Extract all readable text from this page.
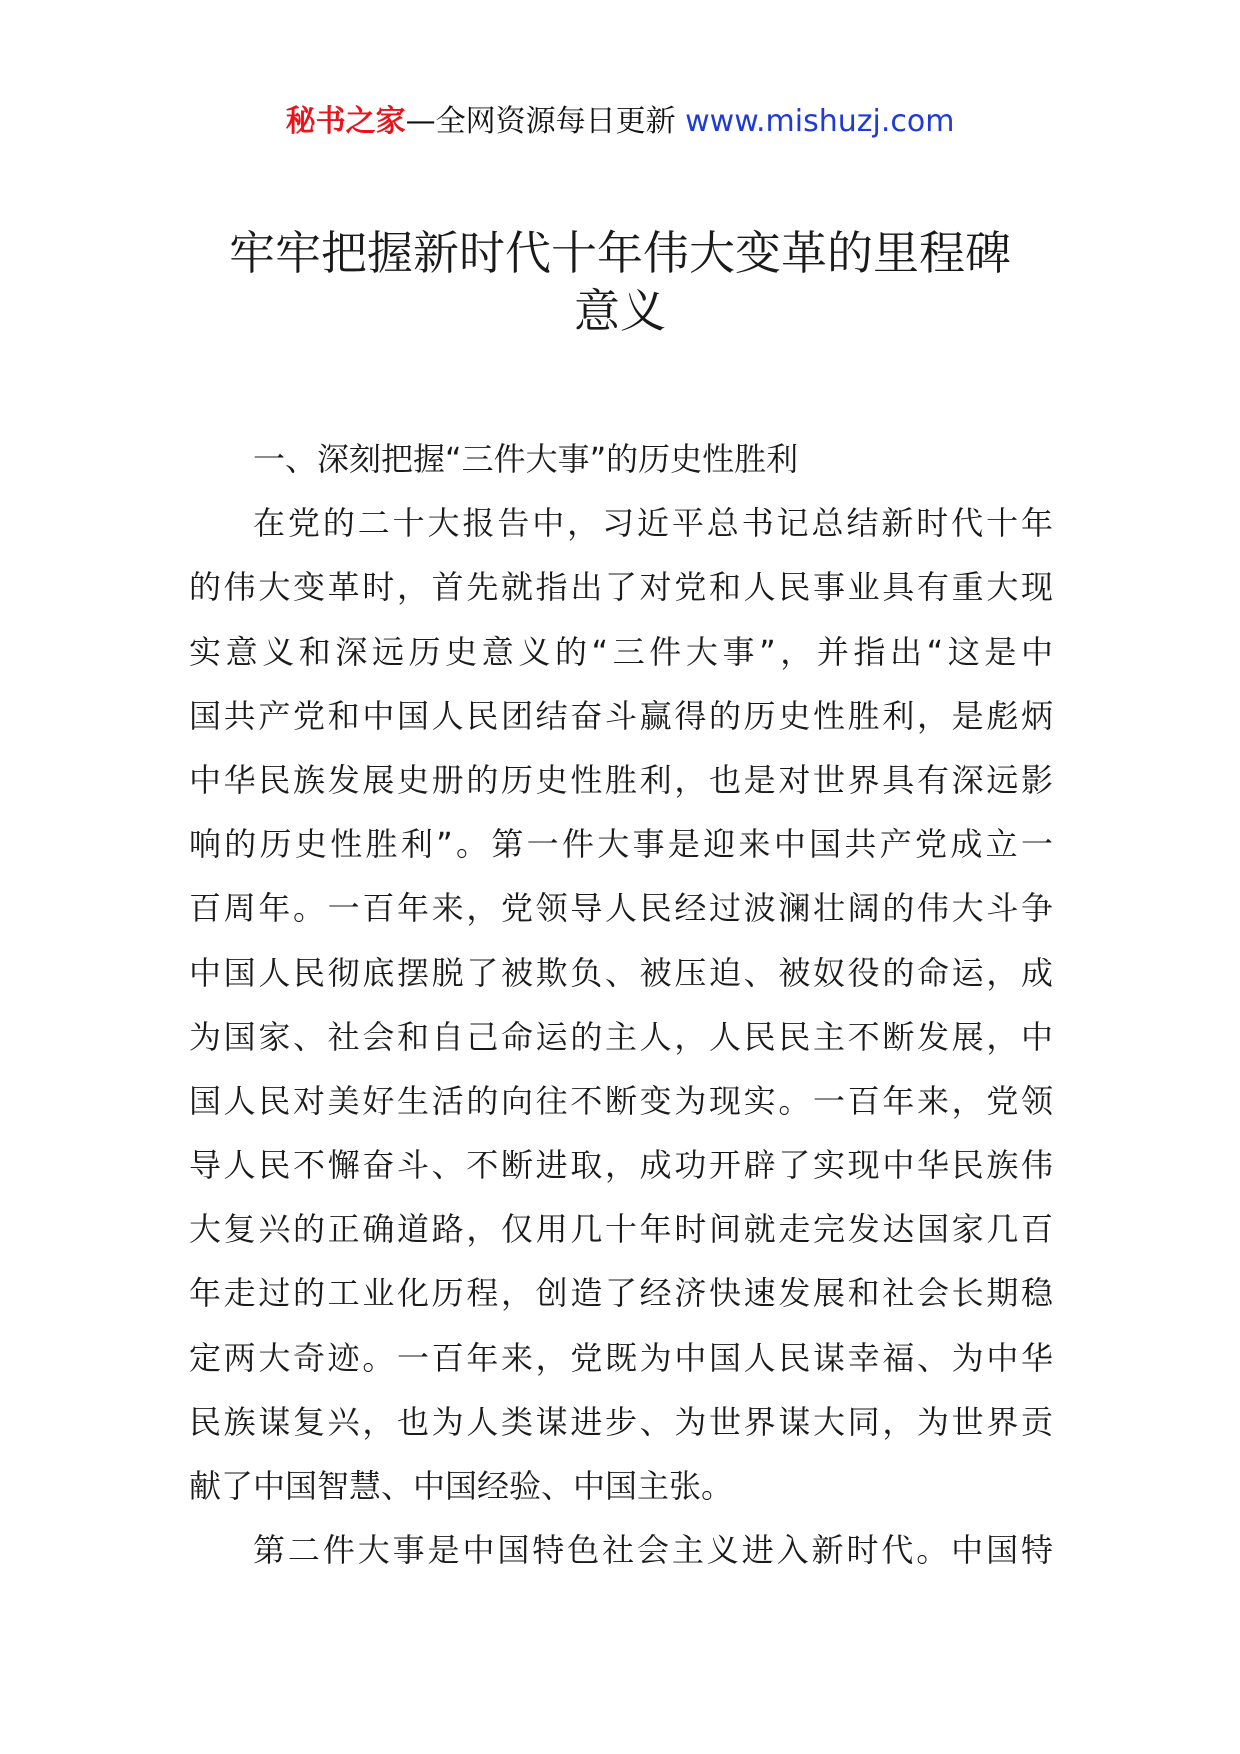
秘书之家—全网资源每日更新 www.mishuzj.com
牢牢把握新时代十年伟大变革的里程碑
意义
一、深刻把握“三件大事”的历史性胜利
在党的二十大报告中，习近平总书记总结新时代十年
的伟大变革时，首先就指出了对党和人民事业具有重大现
实意义和深远历史意义的“三件大事”，并指出“这是中
国共产党和中国人民团结奋斗赢得的历史性胜利，是彪炳
中华民族发展史册的历史性胜利，也是对世界具有深远影
响的历史性胜利”。第一件大事是迎来中国共产党成立一
百周年。一百年来，党领导人民经过波澜壮阔的伟大斗争
中国人民彻底摆脱了被欺负、被压迫、被奴役的命运，成
为国家、社会和自己命运的主人，人民民主不断发展，中
国人民对美好生活的向往不断变为现实。一百年来，党领
导人民不懈奋斗、不断进取，成功开辟了实现中华民族伟
大复兴的正确道路，仅用几十年时间就走完发达国家几百
年走过的工业化历程，创造了经济快速发展和社会长期稳
定两大奇迹。一百年来，党既为中国人民谋幸福、为中华
民族谋复兴，也为人类谋进步、为世界谋大同，为世界贡
献了中国智慧、中国经验、中国主张。
第二件大事是中国特色社会主义进入新时代。中国特
